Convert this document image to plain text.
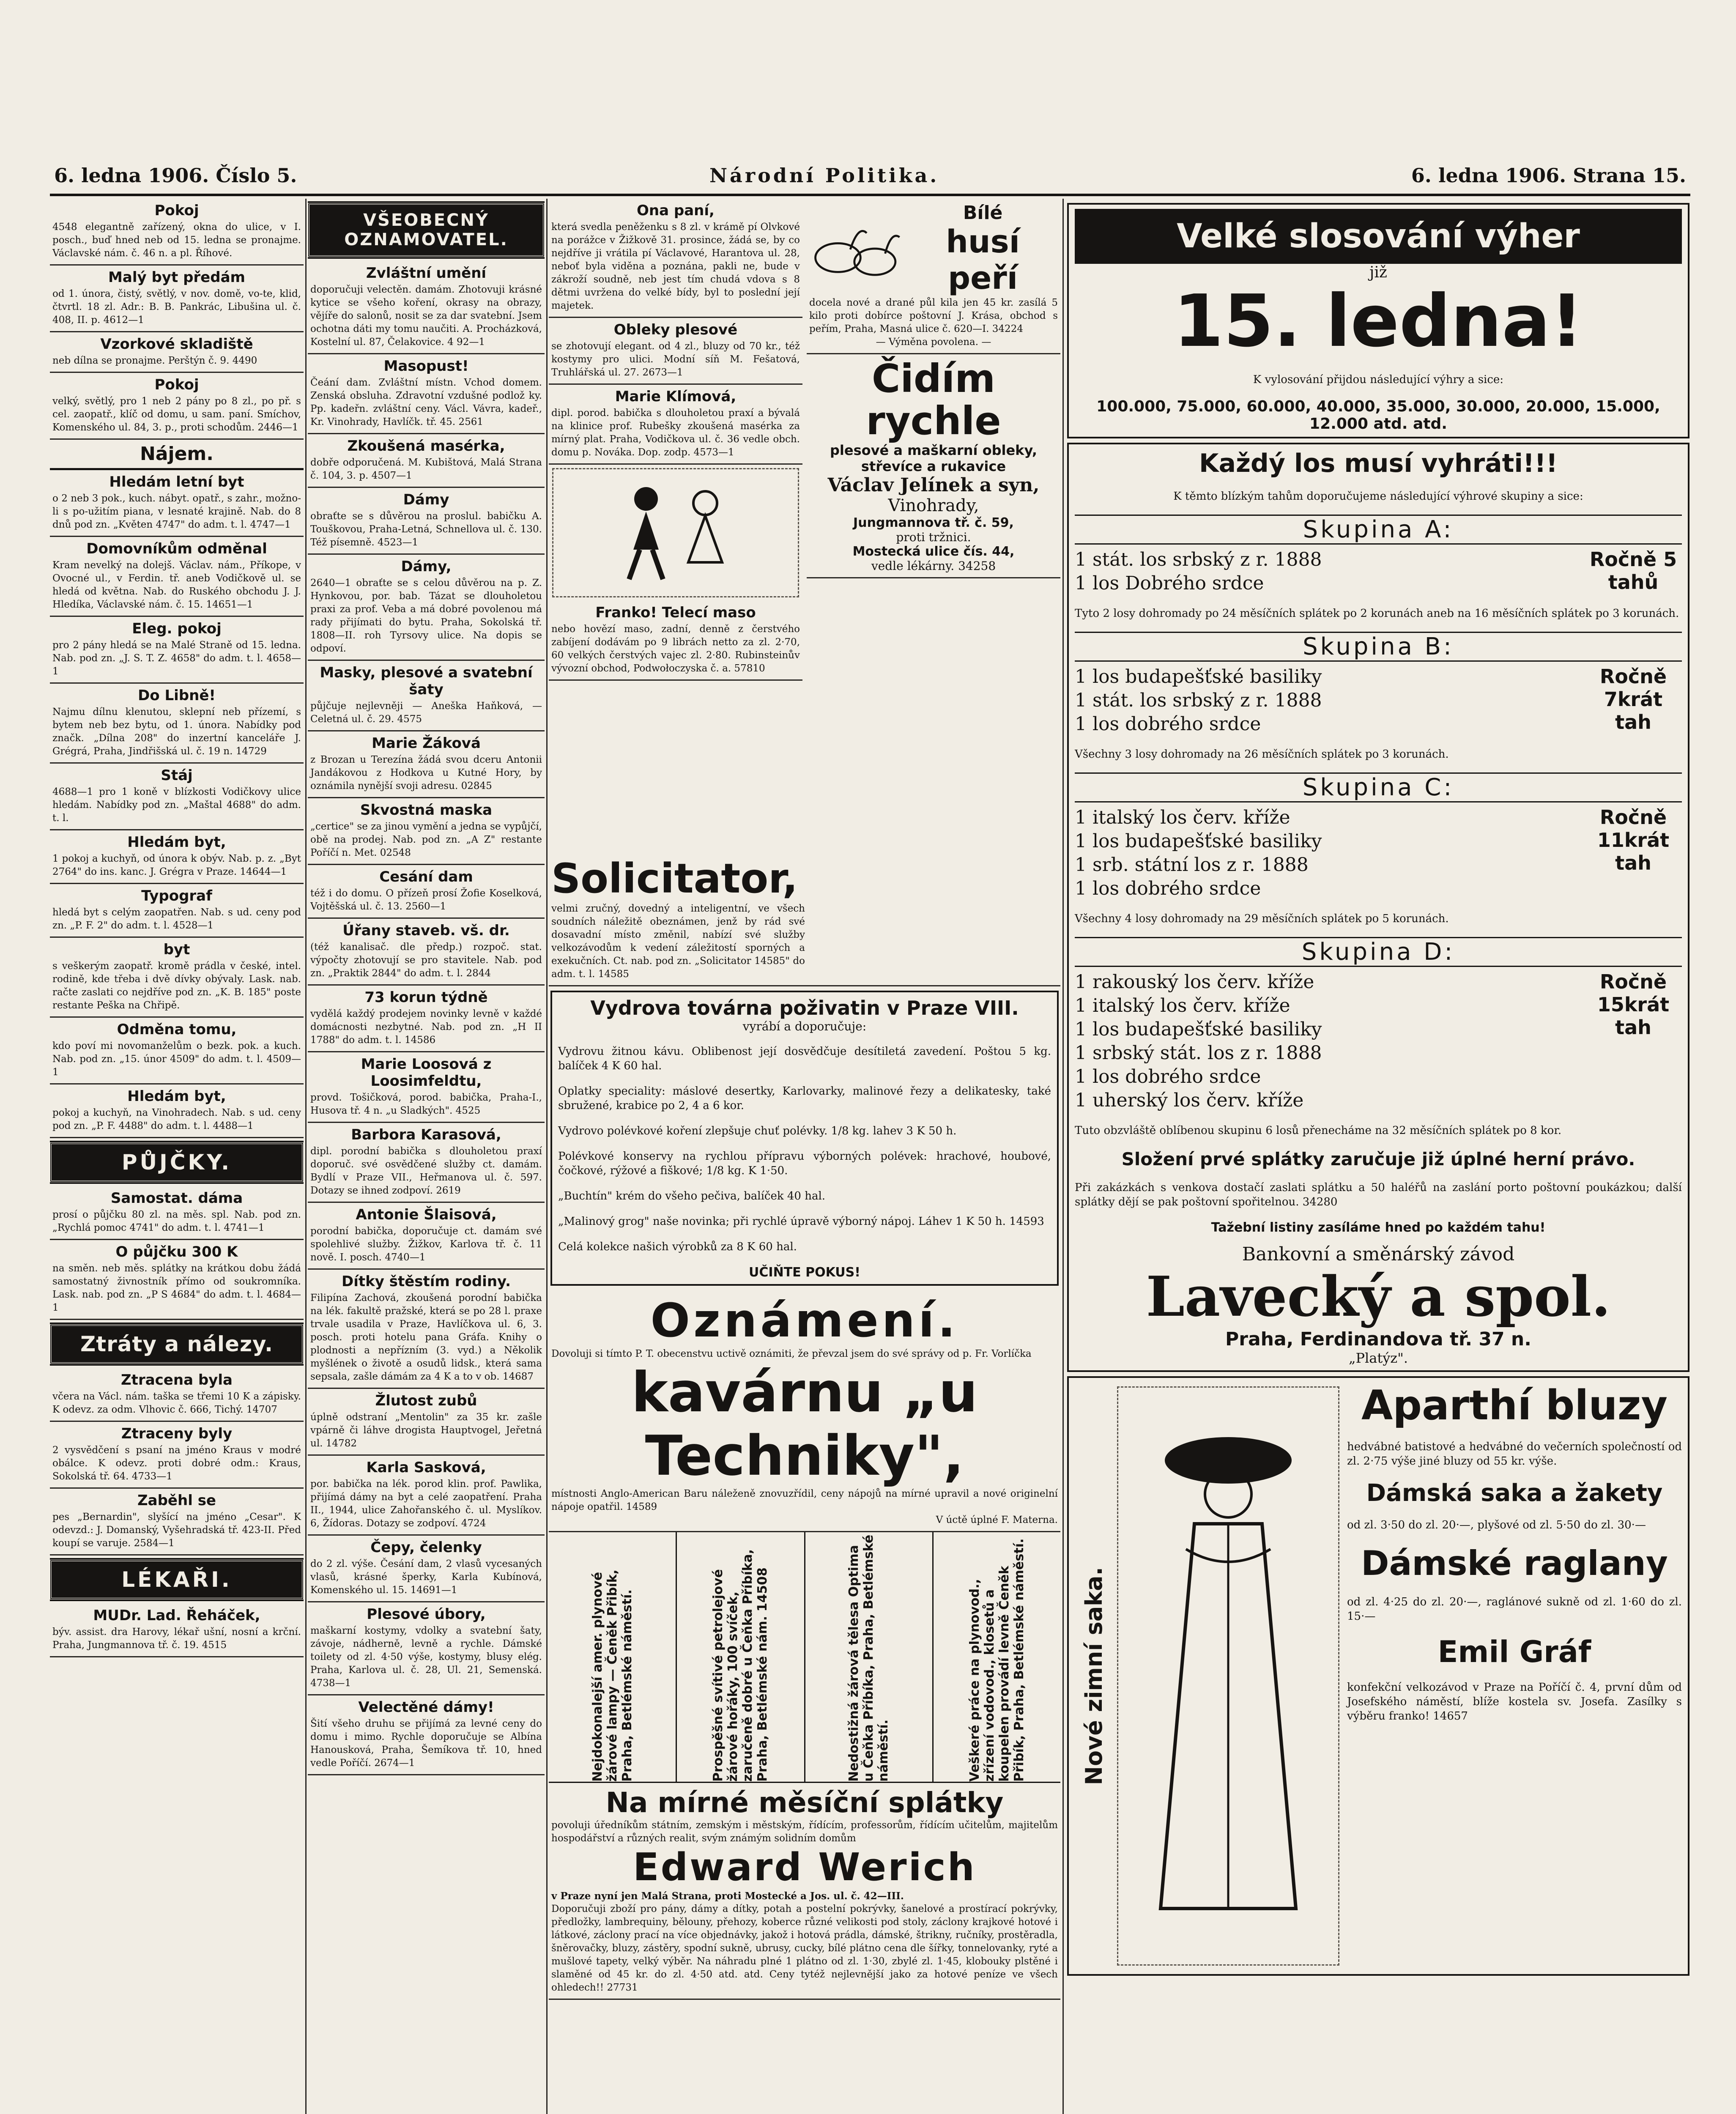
6. ledna 1906. Číslo 5.	Národní Politika.	6. ledna 1906. Strana 15.
Pokoj

4548 elegantně zařízený, okna do ulice, v I. posch., buď hned neb od 15. ledna se pronajme. Václavské nám. č. 46 n. a pl. Říhové.

Malý byt předám

od 1. února, čistý, světlý, v nov. domě, vo-te, klid, čtvrtl. 18 zl. Adr.: B. B. Pankrác, Libušina ul. č. 408, II. p. 4612—1

Vzorkové skladiště

neb dílna se pronajme. Perštýn č. 9. 4490

Pokoj

velký, světlý, pro 1 neb 2 pány po 8 zl., po př. s cel. zaopatř., klíč od domu, u sam. paní. Smíchov, Komenského ul. 84, 3. p., proti schodům. 2446—1

Nájem.
Hledám letní byt

o 2 neb 3 pok., kuch. nábyt. opatř., s zahr., možno-li s po-užitím piana, v lesnaté krajině. Nab. do 8 dnů pod zn. „Květen 4747" do adm. t. l. 4747—1

Domovníkům odměnal

Kram nevelký na dolejš. Václav. nám., Příkope, v Ovocné ul., v Ferdin. tř. aneb Vodičkově ul. se hledá od května. Nab. do Ruského obchodu J. J. Hledíka, Václavské nám. č. 15. 14651—1

Eleg. pokoj

pro 2 pány hledá se na Malé Straně od 15. ledna. Nab. pod zn. „J. S. T. Z. 4658" do adm. t. l. 4658—1

Do Libně!

Najmu dílnu klenutou, sklepní neb přízemí, s bytem neb bez bytu, od 1. února. Nabídky pod značk. „Dílna 208" do inzertní kanceláře J. Grégrá, Praha, Jindřišská ul. č. 19 n. 14729

Stáj

4688—1 pro 1 koně v blízkosti Vodičkovy ulice hledám. Nabídky pod zn. „Maštal 4688" do adm. t. l.

Hledám byt,

1 pokoj a kuchyň, od února k obýv. Nab. p. z. „Byt 2764" do ins. kanc. J. Grégra v Praze. 14644—1

Typograf

hledá byt s celým zaopatřen. Nab. s ud. ceny pod zn. „P. F. 2" do adm. t. l. 4528—1

byt

s veškerým zaopatř. kromě prádla v české, intel. rodině, kde třeba i dvě dívky obývaly. Lask. nab. račte zaslati co nejdříve pod zn. „K. B. 185" poste restante Peška na Chřipě.

Odměna tomu,

kdo poví mi novomanželům o bezk. pok. a kuch. Nab. pod zn. „15. únor 4509" do adm. t. l. 4509—1

Hledám byt,

pokoj a kuchyň, na Vinohradech. Nab. s ud. ceny pod zn. „P. F. 4488" do adm. t. l. 4488—1

PŮJČKY.
Samostat. dáma

prosí o půjčku 80 zl. na měs. spl. Nab. pod zn. „Rychlá pomoc 4741" do adm. t. l. 4741—1

O půjčku 300 K

na směn. neb měs. splátky na krátkou dobu žádá samostatný živnostník přímo od soukromníka. Lask. nab. pod zn. „P S 4684" do adm. t. l. 4684—1

Ztráty a nálezy.
Ztracena byla

včera na Václ. nám. taška se třemi 10 K a zápisky. K odevz. za odm. Vlhovic č. 666, Tichý. 14707

Ztraceny byly

2 vysvědčení s psaní na jméno Kraus v modré obálce. K odevz. proti dobré odm.: Kraus, Sokolská tř. 64. 4733—1

Zaběhl se

pes „Bernardin", slyšící na jméno „Cesar". K odevzd.: J. Domanský, Vyšehradská tř. 423-II. Před koupí se varuje. 2584—1

LÉKAŘI.
MUDr. Lad. Řeháček,

býv. assist. dra Harovy, lékař ušní, nosní a krční. Praha, Jungmannova tř. č. 19. 4515

VŠEOBECNÝ OZNAMOVATEL.
Zvláštní umění

doporučuji velectěn. damám. Zhotovuji krásné kytice se všeho koření, okrasy na obrazy, vějíře do salonů, nosit se za dar svatební. Jsem ochotna dáti my tomu naučiti. A. Procházková, Kostelní ul. 87, Čelakovice. 4 92—1

Masopust!

Čeání dam. Zvláštní místn. Vchod domem. Zenská obsluha. Zdravotní vzdušné podlož ky. Pp. kadeřn. zvláštní ceny. Václ. Vávra, kadeř., Kr. Vinohrady, Havlíčk. tř. 45. 2561

Zkoušená masérka,

dobře odporučená. M. Kubištová, Malá Strana č. 104, 3. p. 4507—1

Dámy

obraťte se s důvěrou na proslul. babičku A. Touškovou, Praha-Letná, Schnellova ul. č. 130. Též písemně. 4523—1

Dámy,

2640—1 obraťte se s celou důvěrou na p. Z. Hynkovou, por. bab. Tázat se dlouholetou praxi za prof. Veba a má dobré povolenou má rady přijímati do bytu. Praha, Sokolská tř. 1808—II. roh Tyrsovy ulice. Na dopis se odpoví.

Masky, plesové a svatební šaty

půjčuje nejlevněji — Aneška Haňková, — Celetná ul. č. 29. 4575

Marie Žáková

z Brozan u Terezína žádá svou dceru Antonii Jandákovou z Hodkova u Kutné Hory, by oznámila nynější svoji adresu. 02845

Skvostná maska

„certice" se za jinou vymění a jedna se vypůjčí, obě na prodej. Nab. pod zn. „A Z" restante Poříčí n. Met. 02548

Cesání dam

též i do domu. O přízeň prosí Žofie Koselková, Vojtěšská ul. č. 13. 2560—1

Úřany staveb. vš. dr.

(též kanalisač. dle předp.) rozpoč. stat. výpočty zhotovují se pro stavitele. Nab. pod zn. „Praktik 2844" do adm. t. l. 2844

73 korun týdně

vydělá každý prodejem novinky levně v každé domácnosti nezbytné. Nab. pod zn. „H II 1788" do adm. t. l. 14586

Marie Loosová z Loosimfeldtu,

provd. Tošičková, porod. babička, Praha-I., Husova tř. 4 n. „u Sladkých". 4525

Barbora Karasová,

dipl. porodní babička s dlouholetou praxí doporuč. své osvědčené služby ct. damám. Bydlí v Praze VII., Heřmanova ul. č. 597. Dotazy se ihned zodpoví. 2619

Antonie Šlaisová,

porodní babička, doporučuje ct. damám své spolehlivé služby. Žižkov, Karlova tř. č. 11 nově. I. posch. 4740—1

Dítky štěstím rodiny.

Filipína Zachová, zkoušená porodní babička na lék. fakultě pražské, která se po 28 l. praxe trvale usadila v Praze, Havlíčkova ul. 6, 3. posch. proti hotelu pana Gráfa. Knihy o plodnosti a nepřízním (3. vyd.) a Několik myšlének o životě a osudů lidsk., která sama sepsala, zašle dámám za 4 K a to v ob. 14687

Žlutost zubů

úplně odstraní „Mentolin" za 35 kr. zašle vpárně či láhve drogista Hauptvogel, Jeřetná ul. 14782

Karla Sasková,

por. babička na lék. porod klin. prof. Pawlika, přijímá dámy na byt a celé zaopatření. Praha II., 1944, ulice Zahořanského č. ul. Myslíkov. 6, Žídoras. Dotazy se zodpoví. 4724

Čepy, čelenky

do 2 zl. výše. Česání dam, 2 vlasů vycesaných vlasů, krásné šperky, Karla Kubínová, Komenského ul. 15. 14691—1

Plesové úbory,

maškarní kostymy, vdolky a svatební šaty, závoje, nádherně, levně a rychle. Dámské toilety od zl. 4·50 výše, kostymy, blusy elég. Praha, Karlova ul. č. 28, Ul. 21, Semenská. 4738—1

Velectěné dámy!

Šití všeho druhu se přijímá za levné ceny do domu i mimo. Rychle doporučuje se Albína Hanousková, Praha, Šemíkova tř. 10, hned vedle Poříčí. 2674—1

Ona paní,

která svedla peněženku s 8 zl. v krámě pí Olvkové na porážce v Žižkově 31. prosince, žádá se, by co nejdříve ji vrátila pí Václavové, Harantova ul. 28, neboť byla viděna a poznána, pakli ne, bude v zákroží soudně, neb jest tím chudá vdova s 8 dětmi uvržena do velké bídy, byl to poslední její majetek.

Obleky plesové

se zhotovují elegant. od 4 zl., bluzy od 70 kr., též kostymy pro ulici. Modní síň M. Fešatová, Truhlářská ul. 27. 2673—1

Marie Klímová,

dipl. porod. babička s dlouholetou praxí a bývalá na klinice prof. Rubešky zkoušená masérka za mírný plat. Praha, Vodičkova ul. č. 36 vedle obch. domu p. Nováka. Dop. zodp. 4573—1

Franko! Telecí maso

nebo hovězí maso, zadní, denně z čerstvého zabíjení dodávám po 9 librách netto za zl. 2·70, 60 velkých čerstvých vajec zl. 2·80. Rubinsteinův vývozní obchod, Podwołoczyska č. a. 57810

Bílé
husí peří

docela nové a drané půl kila jen 45 kr. zasílá 5 kilo proti dobírce poštovní J. Krása, obchod s peřím, Praha, Masná ulice č. 620—I. 34224

— Výměna povolena. —

Čidím rychle
plesové a maškarní obleky, střevíce a rukavice
Václav Jelínek a syn,
Vinohrady,
Jungmannova tř. č. 59,
proti tržnici.
Mostecká ulice čís. 44,
vedle lékárny. 34258
Solicitator,

velmi zručný, dovedný a inteligentní, ve všech soudních náležitě obeznámen, jenž by rád své dosavadní místo změnil, nabízí své služby velkozávodům k vedení záležitostí sporných a exekučních. Ct. nab. pod zn. „Solicitator 14585" do adm. t. l. 14585

Vydrova továrna poživatin v Praze VIII.
vyrábí a doporučuje:

Vydrovu žitnou kávu. Oblibenost její dosvědčuje desítiletá zavedení. Poštou 5 kg. balíček 4 K 60 hal.

Oplatky speciality: máslové desertky, Karlovarky, malinové řezy a delikatesky, také sbružené, krabice po 2, 4 a 6 kor.

Vydrovo polévkové koření zlepšuje chuť polévky. 1/8 kg. lahev 3 K 50 h.

Polévkové konservy na rychlou přípravu výborných polévek: hrachové, houbové, čočkové, rýžové a fiškové; 1/8 kg. K 1·50.

„Buchtín" krém do všeho pečiva, balíček 40 hal.

„Malinový grog" naše novinka; při rychlé úpravě výborný nápoj. Láhev 1 K 50 h. 14593

Celá kolekce našich výrobků za 8 K 60 hal.

UČIŇTE POKUS!
Oznámení.

Dovoluji si tímto P. T. obecenstvu uctivě oznámiti, že převzal jsem do své správy od p. Fr. Vorlíčka

kavárnu „u Techniky",

místnosti Anglo-American Baru náleženě znovuzřídil, ceny nápojů na mírné upravil a nové originelní nápoje opatřil. 14589

V úctě úplné F. Materna.

Nejdokonalejší amer. plynové žárové lampy — Čeněk Přibík, Praha, Betlémské náměstí.	Prospěšné svítivé petrolejové žárové hořáky, 100 svíček, zaručeně dobré u Čeňka Příbíka, Praha, Betlémské nám. 14508	Nedostižná žárová tělesa Optima u Čeňka Příbíka, Praha, Betlémské náměstí.	Veškeré práce na plynovod., zřízení vodovod., klosetů a koupelen provádí levně Čeněk Přibík, Praha, Betlémské náměstí.
Na mírné měsíční splátky

povoluji úředníkům státním, zemským i městským, řídícím, professorům, řídícím učitelům, majitelům hospodářství a různých realit, svým známým solidním domům

Edward Werich

v Praze nyní jen Malá Strana, proti Mostecké a Jos. ul. č. 42—III.

Doporučuji zboží pro pány, dámy a dítky, potah a postelní pokrývky, šanelové a prostírací pokrývky, předložky, lambrequiny, bělouny, přehozy, koberce různé velikosti pod stoly, záclony krajkové hotové i látkové, záclony prací na více objednávky, jakož i hotová prádla, dámské, štrikny, ručníky, prostěradla, šněrovačky, bluzy, zástěry, spodní sukně, ubrusy, cucky, bílé plátno cena dle šířky, tonnelovanky, ryté a mušlové tapety, velký výběr. Na náhradu plné 1 plátno od zl. 1·30, zbylé zl. 1·45, klobouky plstěné i slaměné od 45 kr. do zl. 4·50 atd. atd. Ceny tytéž nejlevnější jako za hotové peníze ve všech ohledech!! 27731

Velké slosování výher
již
15. ledna!

K vylosování přijdou následující výhry a sice:

100.000, 75.000, 60.000, 40.000, 35.000, 30.000, 20.000, 15.000, 12.000 atd. atd.
Každý los musí vyhráti!!!

K těmto blízkým tahům doporučujeme následující výhrové skupiny a sice:

Skupina A:
1 stát. los srbský z r. 1888
1 los Dobrého srdce
Ročně 5 tahů

Tyto 2 losy dohromady po 24 měsíčních splátek po 2 korunách aneb na 16 měsíčních splátek po 3 korunách.

Skupina B:
1 los budapešťské basiliky
1 stát. los srbský z r. 1888
1 los dobrého srdce
Ročně 7krát tah

Všechny 3 losy dohromady na 26 měsíčních splátek po 3 korunách.

Skupina C:
1 italský los červ. kříže
1 los budapešťské basiliky
1 srb. státní los z r. 1888
1 los dobrého srdce
Ročně 11krát tah

Všechny 4 losy dohromady na 29 měsíčních splátek po 5 korunách.

Skupina D:
1 rakouský los červ. kříže
1 italský los červ. kříže
1 los budapešťské basiliky
1 srbský stát. los z r. 1888
1 los dobrého srdce
1 uherský los červ. kříže
Ročně 15krát tah

Tuto obzvláště oblíbenou skupinu 6 losů přenecháme na 32 měsíčních splátek po 8 kor.

Složení prvé splátky zaručuje již úplné herní právo.

Při zakázkách s venkova dostačí zaslati splátku a 50 haléřů na zaslání porto poštovní poukázkou; další splátky dějí se pak poštovní spořitelnou. 34280

Tažební listiny zasíláme hned po každém tahu!
Bankovní a směnárský závod
Lavecký a spol.
Praha, Ferdinandova tř. 37 n.
„Platýz".
Nové zimní saka.
Aparthí bluzy

hedvábné batistové a hedvábné do večerních společností od zl. 2·75 výše jiné bluzy od 55 kr. výše.

Dámská saka a žakety

od zl. 3·50 do zl. 20·—, plyšové od zl. 5·50 do zl. 30·—

Dámské raglany

od zl. 4·25 do zl. 20·—, raglánové sukně od zl. 1·60 do zl. 15·—

Emil Gráf

konfekční velkozávod v Praze na Poříčí č. 4, první dům od Josefského náměstí, blíže kostela sv. Josefa. Zasílky s výběru franko! 14657
